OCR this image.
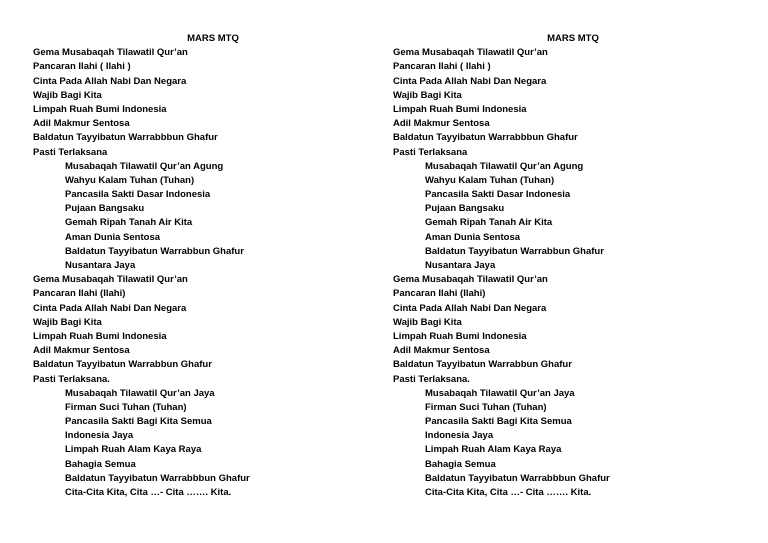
MARS MTQ
Gema Musabaqah Tilawatil Qur’an
Pancaran Ilahi ( Ilahi )
Cinta Pada Allah Nabi Dan Negara
Wajib Bagi Kita
Limpah Ruah Bumi Indonesia
Adil Makmur Sentosa
Baldatun Tayyibatun Warrabbbun Ghafur
Pasti Terlaksana
Musabaqah Tilawatil Qur’an Agung
Wahyu Kalam Tuhan (Tuhan)
Pancasila Sakti Dasar Indonesia
Pujaan Bangsaku
Gemah Ripah Tanah Air Kita
Aman Dunia Sentosa
Baldatun Tayyibatun Warrabbun Ghafur
Nusantara Jaya
Gema Musabaqah Tilawatil Qur’an
Pancaran Ilahi (Ilahi)
Cinta Pada Allah Nabi Dan Negara
Wajib Bagi Kita
Limpah Ruah Bumi Indonesia
Adil Makmur Sentosa
Baldatun Tayyibatun Warrabbun Ghafur
Pasti Terlaksana.
Musabaqah Tilawatil Qur’an Jaya
Firman Suci Tuhan (Tuhan)
Pancasila Sakti Bagi Kita Semua
Indonesia Jaya
Limpah Ruah Alam Kaya Raya
Bahagia Semua
Baldatun Tayyibatun Warrabbbun Ghafur
Cita-Cita Kita, Cita …- Cita ……. Kita.
MARS MTQ
Gema Musabaqah Tilawatil Qur’an
Pancaran Ilahi ( Ilahi )
Cinta Pada Allah Nabi Dan Negara
Wajib Bagi Kita
Limpah Ruah Bumi Indonesia
Adil Makmur Sentosa
Baldatun Tayyibatun Warrabbbun Ghafur
Pasti Terlaksana
Musabaqah Tilawatil Qur’an Agung
Wahyu Kalam Tuhan (Tuhan)
Pancasila Sakti Dasar Indonesia
Pujaan Bangsaku
Gemah Ripah Tanah Air Kita
Aman Dunia Sentosa
Baldatun Tayyibatun Warrabbun Ghafur
Nusantara Jaya
Gema Musabaqah Tilawatil Qur’an
Pancaran Ilahi (Ilahi)
Cinta Pada Allah Nabi Dan Negara
Wajib Bagi Kita
Limpah Ruah Bumi Indonesia
Adil Makmur Sentosa
Baldatun Tayyibatun Warrabbun Ghafur
Pasti Terlaksana.
Musabaqah Tilawatil Qur’an Jaya
Firman Suci Tuhan (Tuhan)
Pancasila Sakti Bagi Kita Semua
Indonesia Jaya
Limpah Ruah Alam Kaya Raya
Bahagia Semua
Baldatun Tayyibatun Warrabbbun Ghafur
Cita-Cita Kita, Cita …- Cita ……. Kita.
